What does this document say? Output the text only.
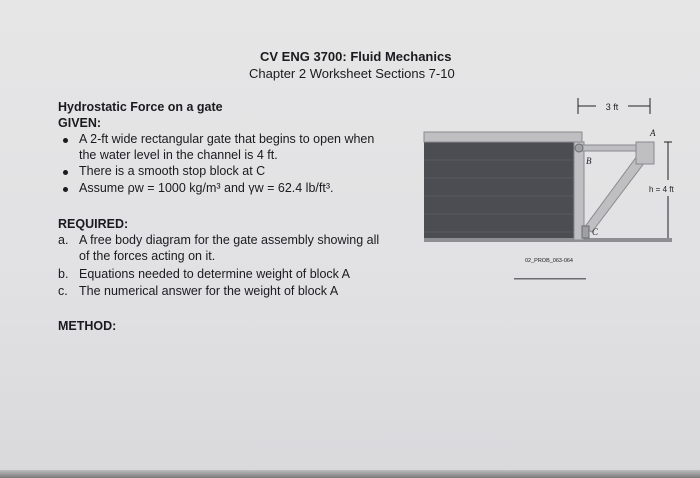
CV ENG 3700: Fluid Mechanics
Chapter 2 Worksheet Sections 7-10
Hydrostatic Force on a gate
GIVEN:
A 2-ft wide rectangular gate that begins to open when
the water level in the channel is 4 ft.
There is a smooth stop block at C
Assume ρw = 1000 kg/m³ and γw = 62.4 lb/ft³.
REQUIRED:
a. A free body diagram for the gate assembly showing all
of the forces acting on it.
b. Equations needed to determine weight of block A
c. The numerical answer for the weight of block A
METHOD:
3 ft
h = 4 ft
A
B
C
02_PROB_063-064
